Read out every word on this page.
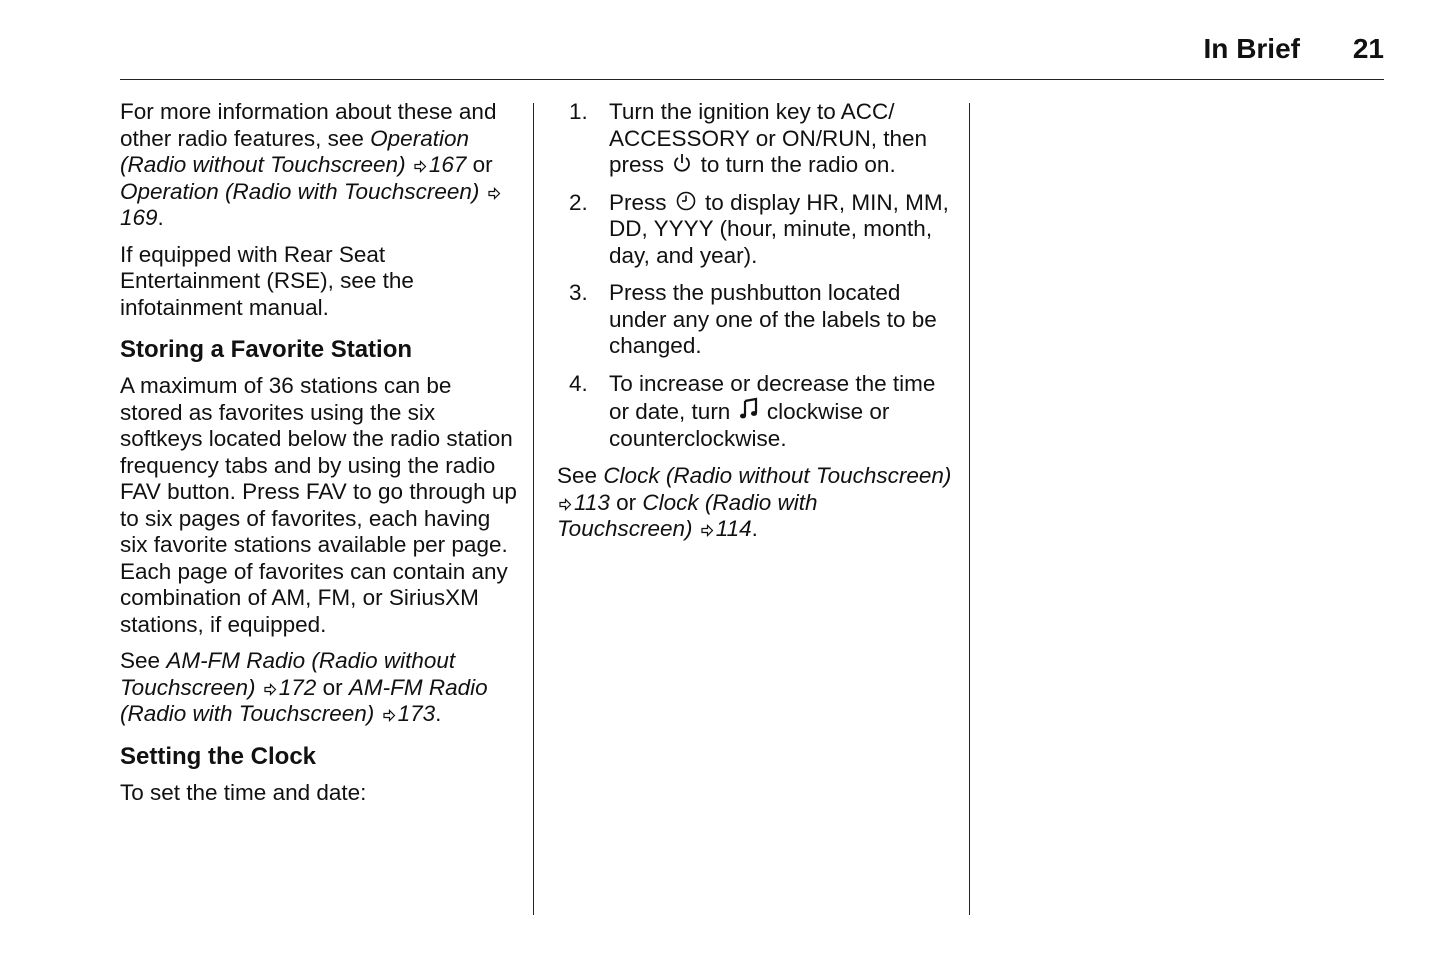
In Brief 21

For more information about these and other radio features, see Operation (Radio without Touchscreen) 167 or Operation (Radio with Touchscreen) 169.

If equipped with Rear Seat Entertainment (RSE), see the infotainment manual.

Storing a Favorite Station

A maximum of 36 stations can be stored as favorites using the six softkeys located below the radio station frequency tabs and by using the radio FAV button. Press FAV to go through up to six pages of favorites, each having six favorite stations available per page. Each page of favorites can contain any combination of AM, FM, or SiriusXM stations, if equipped.

See AM-FM Radio (Radio without Touchscreen) 172 or AM-FM Radio (Radio with Touchscreen) 173.

Setting the Clock

To set the time and date:

1. Turn the ignition key to ACC/ ACCESSORY or ON/RUN, then press to turn the radio on.
2. Press to display HR, MIN, MM, DD, YYYY (hour, minute, month, day, and year).
3. Press the pushbutton located under any one of the labels to be changed.
4. To increase or decrease the time or date, turn clockwise or counterclockwise.

See Clock (Radio without Touchscreen) 113 or Clock (Radio with Touchscreen) 114.
